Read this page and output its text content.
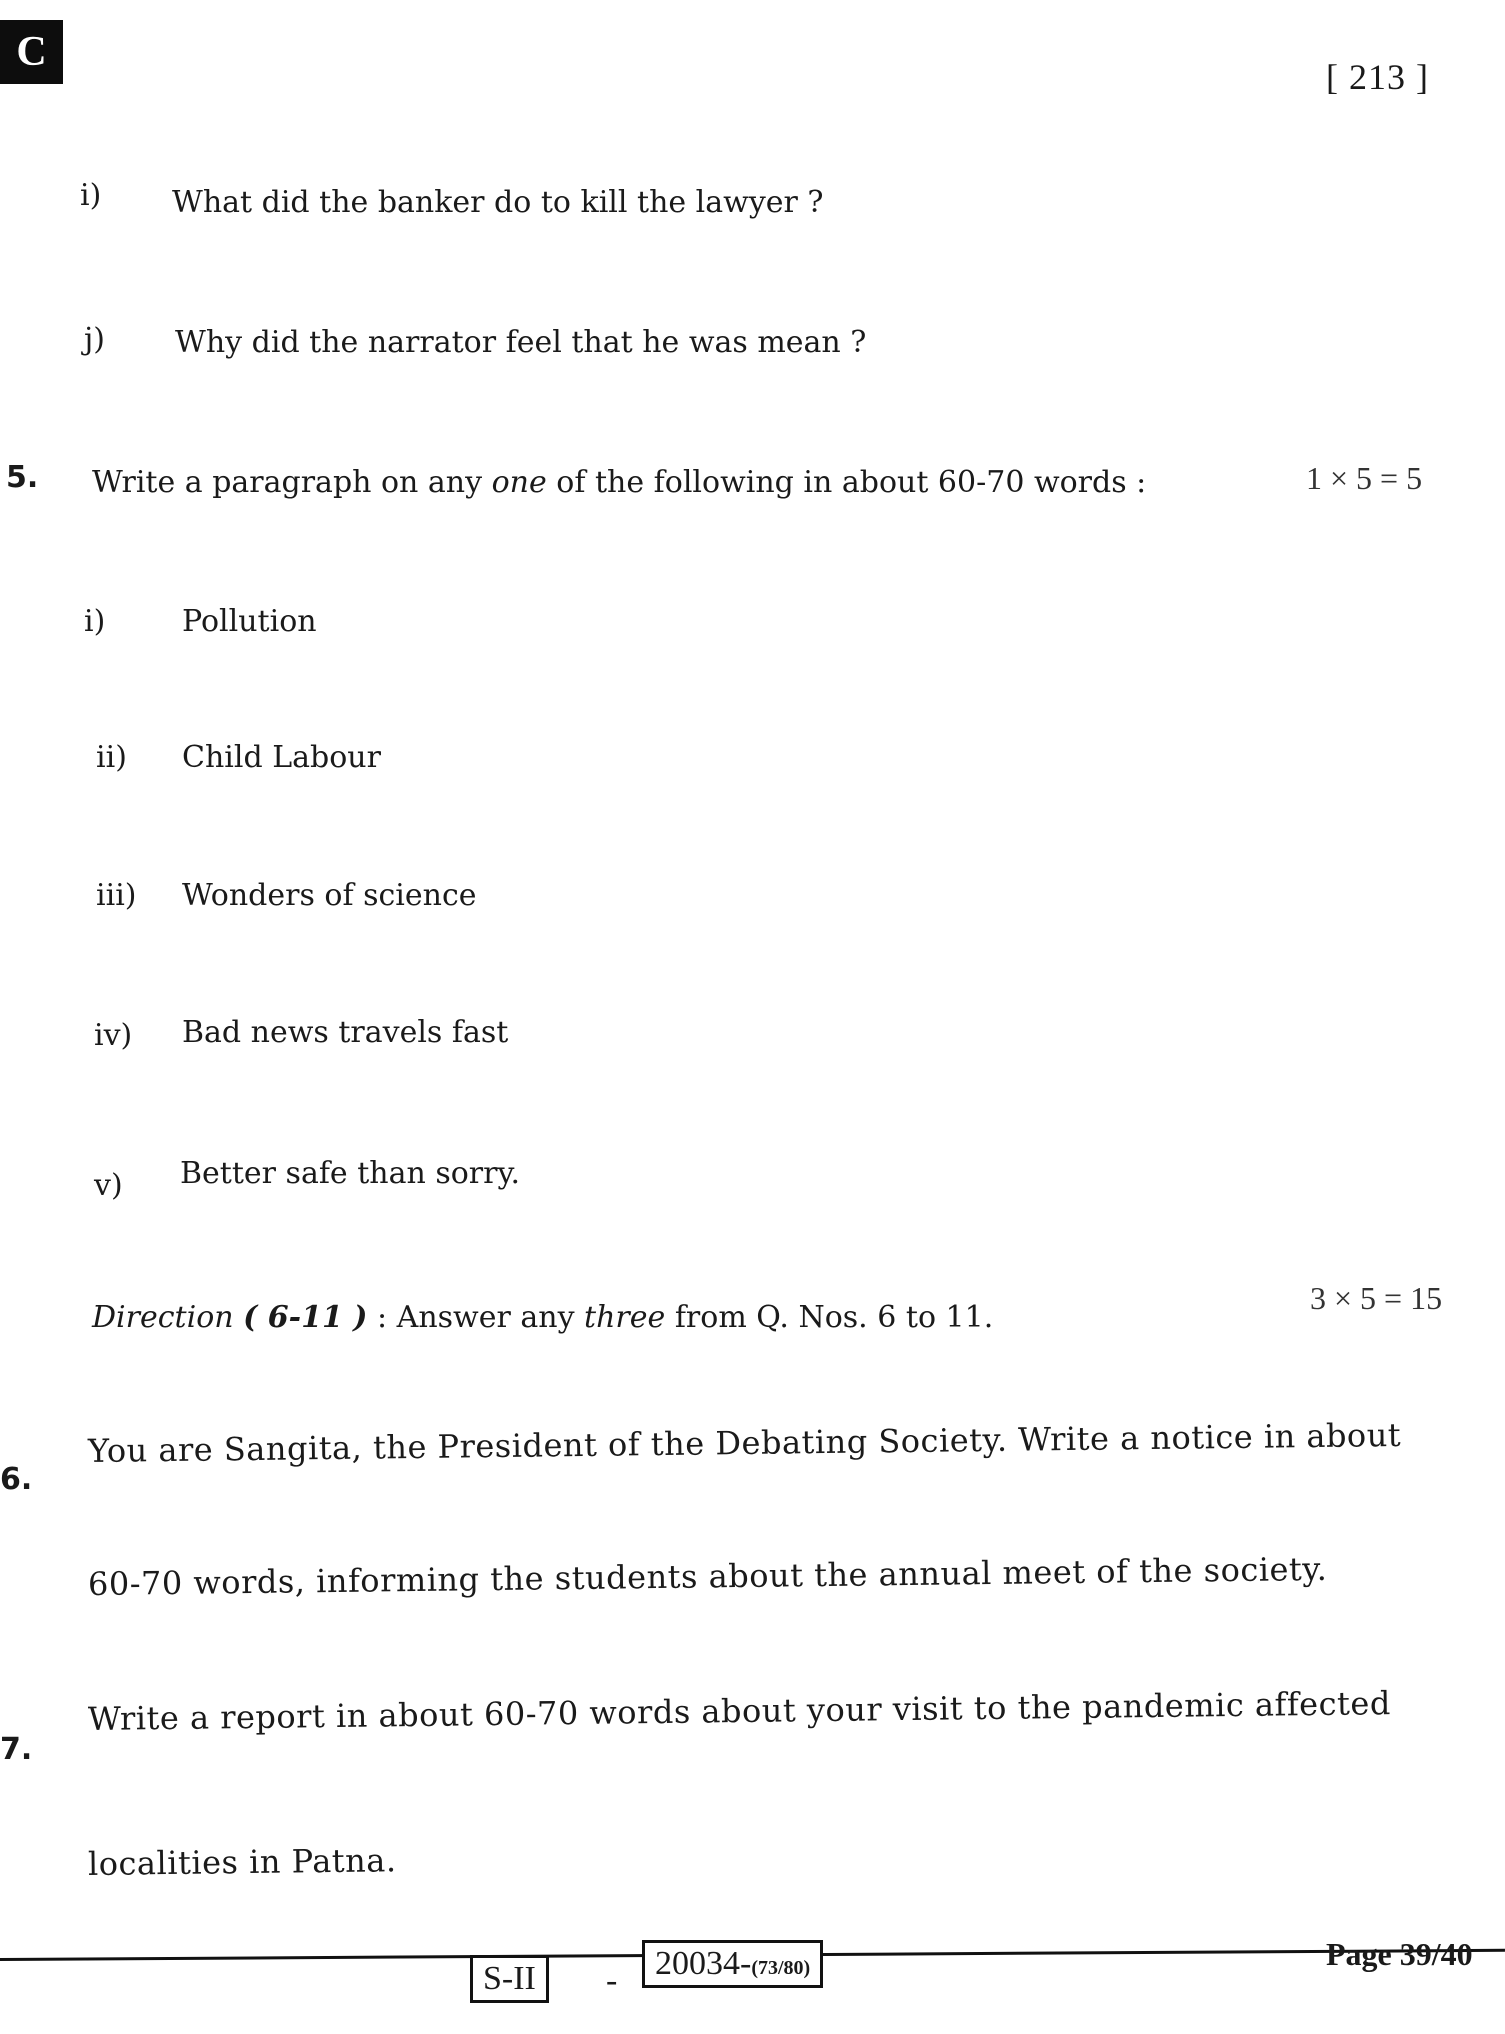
C
[ 213 ]
i) What did the banker do to kill the lawyer ?
j) Why did the narrator feel that he was mean ?
5. Write a paragraph on any one of the following in about 60-70 words :	1 × 5 = 5
i)	Pollution
ii) Child Labour
iii) Wonders of science
iv) Bad news travels fast
v) Better safe than sorry.
Direction ( 6-11 ) : Answer any three from Q. Nos. 6 to 11.
3 × 5 = 15
6.
You are Sangita, the President of the Debating Society. Write a notice in about
60-70 words, informing the students about the annual meet of the society.
7.
Write a report in about 60-70 words about your visit to the pandemic affected
localities in Patna.
S-II	-	20034-(73/80)	Page 39/40
